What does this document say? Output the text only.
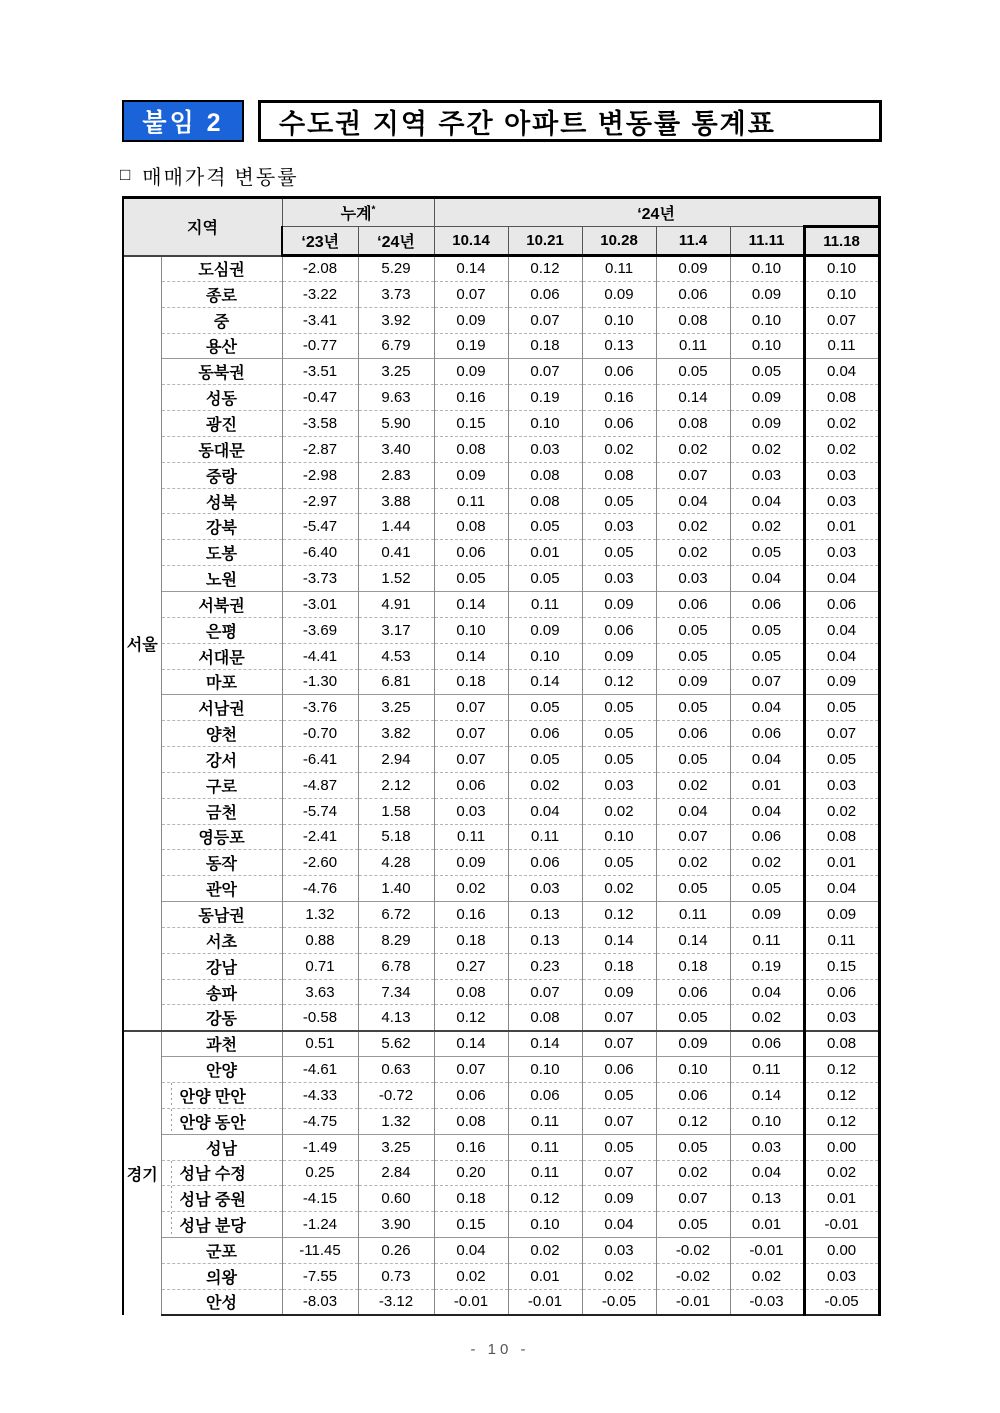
붙임 2 수도권 지역 주간 아파트 변동률 통계표
□ 매매가격 변동률
지역		누계*		‘24년					
		‘23년	‘24년	10.14	10.21	10.28	11.4	11.11	11.18
서울	도심권	-2.08	5.29	0.14	0.12	0.11	0.09	0.10	0.10
	종로	-3.22	3.73	0.07	0.06	0.09	0.06	0.09	0.10
	중	-3.41	3.92	0.09	0.07	0.10	0.08	0.10	0.07
	용산	-0.77	6.79	0.19	0.18	0.13	0.11	0.10	0.11
	동북권	-3.51	3.25	0.09	0.07	0.06	0.05	0.05	0.04
	성동	-0.47	9.63	0.16	0.19	0.16	0.14	0.09	0.08
	광진	-3.58	5.90	0.15	0.10	0.06	0.08	0.09	0.02
	동대문	-2.87	3.40	0.08	0.03	0.02	0.02	0.02	0.02
	중랑	-2.98	2.83	0.09	0.08	0.08	0.07	0.03	0.03
	성북	-2.97	3.88	0.11	0.08	0.05	0.04	0.04	0.03
	강북	-5.47	1.44	0.08	0.05	0.03	0.02	0.02	0.01
	도봉	-6.40	0.41	0.06	0.01	0.05	0.02	0.05	0.03
	노원	-3.73	1.52	0.05	0.05	0.03	0.03	0.04	0.04
	서북권	-3.01	4.91	0.14	0.11	0.09	0.06	0.06	0.06
	은평	-3.69	3.17	0.10	0.09	0.06	0.05	0.05	0.04
	서대문	-4.41	4.53	0.14	0.10	0.09	0.05	0.05	0.04
	마포	-1.30	6.81	0.18	0.14	0.12	0.09	0.07	0.09
	서남권	-3.76	3.25	0.07	0.05	0.05	0.05	0.04	0.05
	양천	-0.70	3.82	0.07	0.06	0.05	0.06	0.06	0.07
	강서	-6.41	2.94	0.07	0.05	0.05	0.05	0.04	0.05
	구로	-4.87	2.12	0.06	0.02	0.03	0.02	0.01	0.03
	금천	-5.74	1.58	0.03	0.04	0.02	0.04	0.04	0.02
	영등포	-2.41	5.18	0.11	0.11	0.10	0.07	0.06	0.08
	동작	-2.60	4.28	0.09	0.06	0.05	0.02	0.02	0.01
	관악	-4.76	1.40	0.02	0.03	0.02	0.05	0.05	0.04
	동남권	1.32	6.72	0.16	0.13	0.12	0.11	0.09	0.09
	서초	0.88	8.29	0.18	0.13	0.14	0.14	0.11	0.11
	강남	0.71	6.78	0.27	0.23	0.18	0.18	0.19	0.15
	송파	3.63	7.34	0.08	0.07	0.09	0.06	0.04	0.06
	강동	-0.58	4.13	0.12	0.08	0.07	0.05	0.02	0.03
경기	과천	0.51	5.62	0.14	0.14	0.07	0.09	0.06	0.08
	안양	-4.61	0.63	0.07	0.10	0.06	0.10	0.11	0.12
	안양 만안	-4.33	-0.72	0.06	0.06	0.05	0.06	0.14	0.12
	안양 동안	-4.75	1.32	0.08	0.11	0.07	0.12	0.10	0.12
	성남	-1.49	3.25	0.16	0.11	0.05	0.05	0.03	0.00
	성남 수정	0.25	2.84	0.20	0.11	0.07	0.02	0.04	0.02
	성남 중원	-4.15	0.60	0.18	0.12	0.09	0.07	0.13	0.01
	성남 분당	-1.24	3.90	0.15	0.10	0.04	0.05	0.01	-0.01
	군포	-11.45	0.26	0.04	0.02	0.03	-0.02	-0.01	0.00
	의왕	-7.55	0.73	0.02	0.01	0.02	-0.02	0.02	0.03
	안성	-8.03	-3.12	-0.01	-0.01	-0.05	-0.01	-0.03	-0.05
- 10 -
